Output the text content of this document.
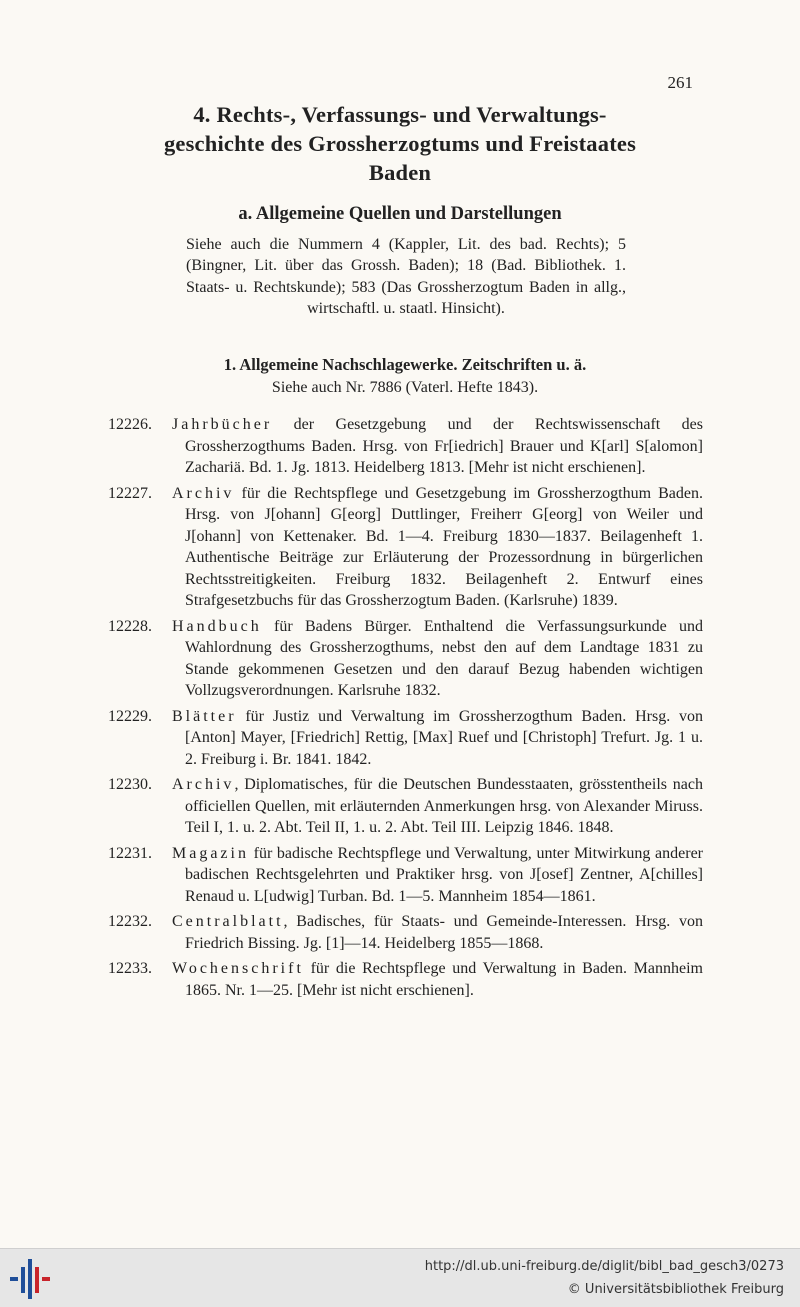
261
4. Rechts-, Verfassungs- und Verwaltungs-
geschichte des Grossherzogtums und Freistaates
Baden
a. Allgemeine Quellen und Darstellungen
Siehe auch die Nummern 4 (Kappler, Lit. des bad. Rechts); 5 (Bingner, Lit. über das Grossh. Baden); 18 (Bad. Bibliothek. 1. Staats- u. Rechtskunde); 583 (Das Grossherzogtum Baden in allg., wirtschaftl. u. staatl. Hinsicht).
1. Allgemeine Nachschlagewerke. Zeitschriften u. ä.
Siehe auch Nr. 7886 (Vaterl. Hefte 1843).
12226. Jahrbücher der Gesetzgebung und der Rechtswissenschaft des Grossherzogthums Baden. Hrsg. von Fr[iedrich] Brauer und K[arl] S[alomon] Zachariä. Bd. 1. Jg. 1813. Heidelberg 1813. [Mehr ist nicht erschienen].
12227. Archiv für die Rechtspflege und Gesetzgebung im Grossherzogthum Baden. Hrsg. von J[ohann] G[eorg] Duttlinger, Freiherr G[eorg] von Weiler und J[ohann] von Kettenaker. Bd. 1—4. Freiburg 1830—1837. Beilagenheft 1. Authentische Beiträge zur Erläuterung der Prozessordnung in bürgerlichen Rechtsstreitigkeiten. Freiburg 1832. Beilagenheft 2. Entwurf eines Strafgesetzbuchs für das Grossherzogtum Baden. (Karlsruhe) 1839.
12228. Handbuch für Badens Bürger. Enthaltend die Verfassungsurkunde und Wahlordnung des Grossherzogthums, nebst den auf dem Landtage 1831 zu Stande gekommenen Gesetzen und den darauf Bezug habenden wichtigen Vollzugsverordnungen. Karlsruhe 1832.
12229. Blätter für Justiz und Verwaltung im Grossherzogthum Baden. Hrsg. von [Anton] Mayer, [Friedrich] Rettig, [Max] Ruef und [Christoph] Trefurt. Jg. 1 u. 2. Freiburg i. Br. 1841. 1842.
12230. Archiv, Diplomatisches, für die Deutschen Bundesstaaten, grösstentheils nach officiellen Quellen, mit erläuternden Anmerkungen hrsg. von Alexander Miruss. Teil I, 1. u. 2. Abt. Teil II, 1. u. 2. Abt. Teil III. Leipzig 1846. 1848.
12231. Magazin für badische Rechtspflege und Verwaltung, unter Mitwirkung anderer badischen Rechtsgelehrten und Praktiker hrsg. von J[osef] Zentner, A[chilles] Renaud u. L[udwig] Turban. Bd. 1—5. Mannheim 1854—1861.
12232. Centralblatt, Badisches, für Staats- und Gemeinde-Interessen. Hrsg. von Friedrich Bissing. Jg. [1]—14. Heidelberg 1855—1868.
12233. Wochenschrift für die Rechtspflege und Verwaltung in Baden. Mannheim 1865. Nr. 1—25. [Mehr ist nicht erschienen].
http://dl.ub.uni-freiburg.de/diglit/bibl_bad_gesch3/0273
© Universitätsbibliothek Freiburg
